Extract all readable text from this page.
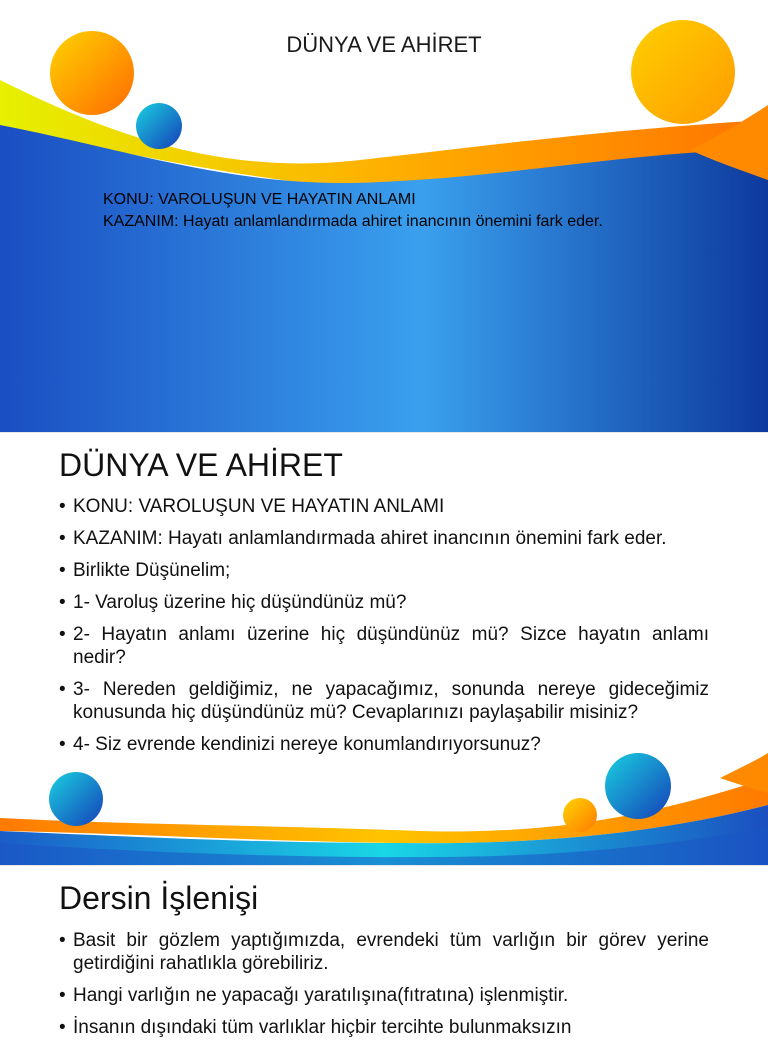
DÜNYA VE AHİRET

KONU: VAROLUŞUN VE HAYATIN ANLAMI

KAZANIM: Hayatı anlamlandırmada ahiret inancının önemini fark eder.

DÜNYA VE AHİRET
• KONU: VAROLUŞUN VE HAYATIN ANLAMI
• KAZANIM: Hayatı anlamlandırmada ahiret inancının önemini fark eder.
• Birlikte Düşünelim;
• 1- Varoluş üzerine hiç düşündünüz mü?
• 2- Hayatın anlamı üzerine hiç düşündünüz mü? Sizce hayatın anlamı nedir?
• 3- Nereden geldiğimiz, ne yapacağımız, sonunda nereye gideceğimiz konusunda hiç düşündünüz mü? Cevaplarınızı paylaşabilir misiniz?
• 4- Siz evrende kendinizi nereye konumlandırıyorsunuz?
Dersin İşlenişi
• Basit bir gözlem yaptığımızda, evrendeki tüm varlığın bir görev yerine getirdiğini rahatlıkla görebiliriz.
• Hangi varlığın ne yapacağı yaratılışına(fıtratına) işlenmiştir.
• İnsanın dışındaki tüm varlıklar hiçbir tercihte bulunmaksızın
